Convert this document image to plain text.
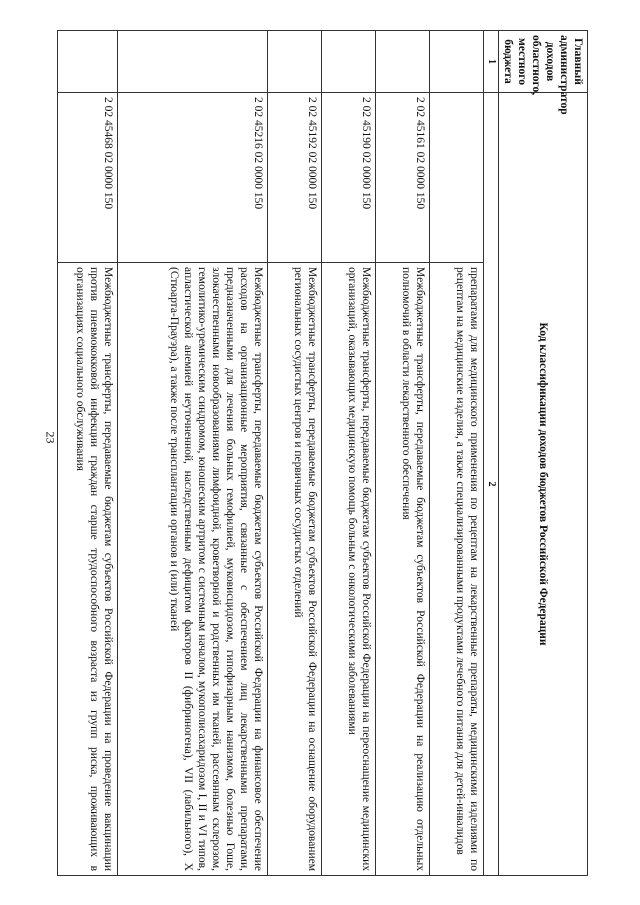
23
Главный администратор доходов областного, местного бюджета	Код классификации доходов бюджетов Российской Федерации	
1	2	
		препаратами для медицинского применения по рецептам на лекарственные препараты, медицинскими изделиями по рецептам на медицинские изделия, а также специализированными продуктами лечебного питания для детей-инвалидов
	2 02 45161 02 0000 150	Межбюджетные трансферты, передаваемые бюджетам субъектов Российской Федерации на реализацию отдельных полномочий в области лекарственного обеспечения
	2 02 45190 02 0000 150	Межбюджетные трансферты, передаваемые бюджетам субъектов Российской Федерации на переоснащение медицинских организаций, оказывающих медицинскую помощь больным с онкологическими заболеваниями
	2 02 45192 02 0000 150	Межбюджетные трансферты, передаваемые бюджетам субъектов Российской Федерации на оснащение оборудованием региональных сосудистых центров и первичных сосудистых отделений
	2 02 45216 02 0000 150	Межбюджетные трансферты, передаваемые бюджетам субъектов Российской Федерации на финансовое обеспечение расходов на организационные мероприятия, связанные с обеспечением лиц лекарственными препаратами, предназначенными для лечения больных гемофилией, муковисцидозом, гипофизарным нанизмом, болезнью Гоше, злокачественными новообразованиями лимфоидной, кроветворной и родственных им тканей, рассеянным склерозом, гемолитико-уремическим синдромом, юношеским артритом с системным началом, мукополисахаридозом I, II и VI типов, апластической анемией неуточненной, наследственным дефицитом факторов II (фибриногена), VII (лабильного), X (Стюарта-Прауэра), а также после трансплантации органов и (или) тканей
	2 02 45468 02 0000 150	Межбюджетные трансферты, передаваемые бюджетам субъектов Российской Федерации на проведение вакцинации против пневмококковой инфекции граждан старше трудоспособного возраста из групп риска, проживающих в организациях социального обслуживания
